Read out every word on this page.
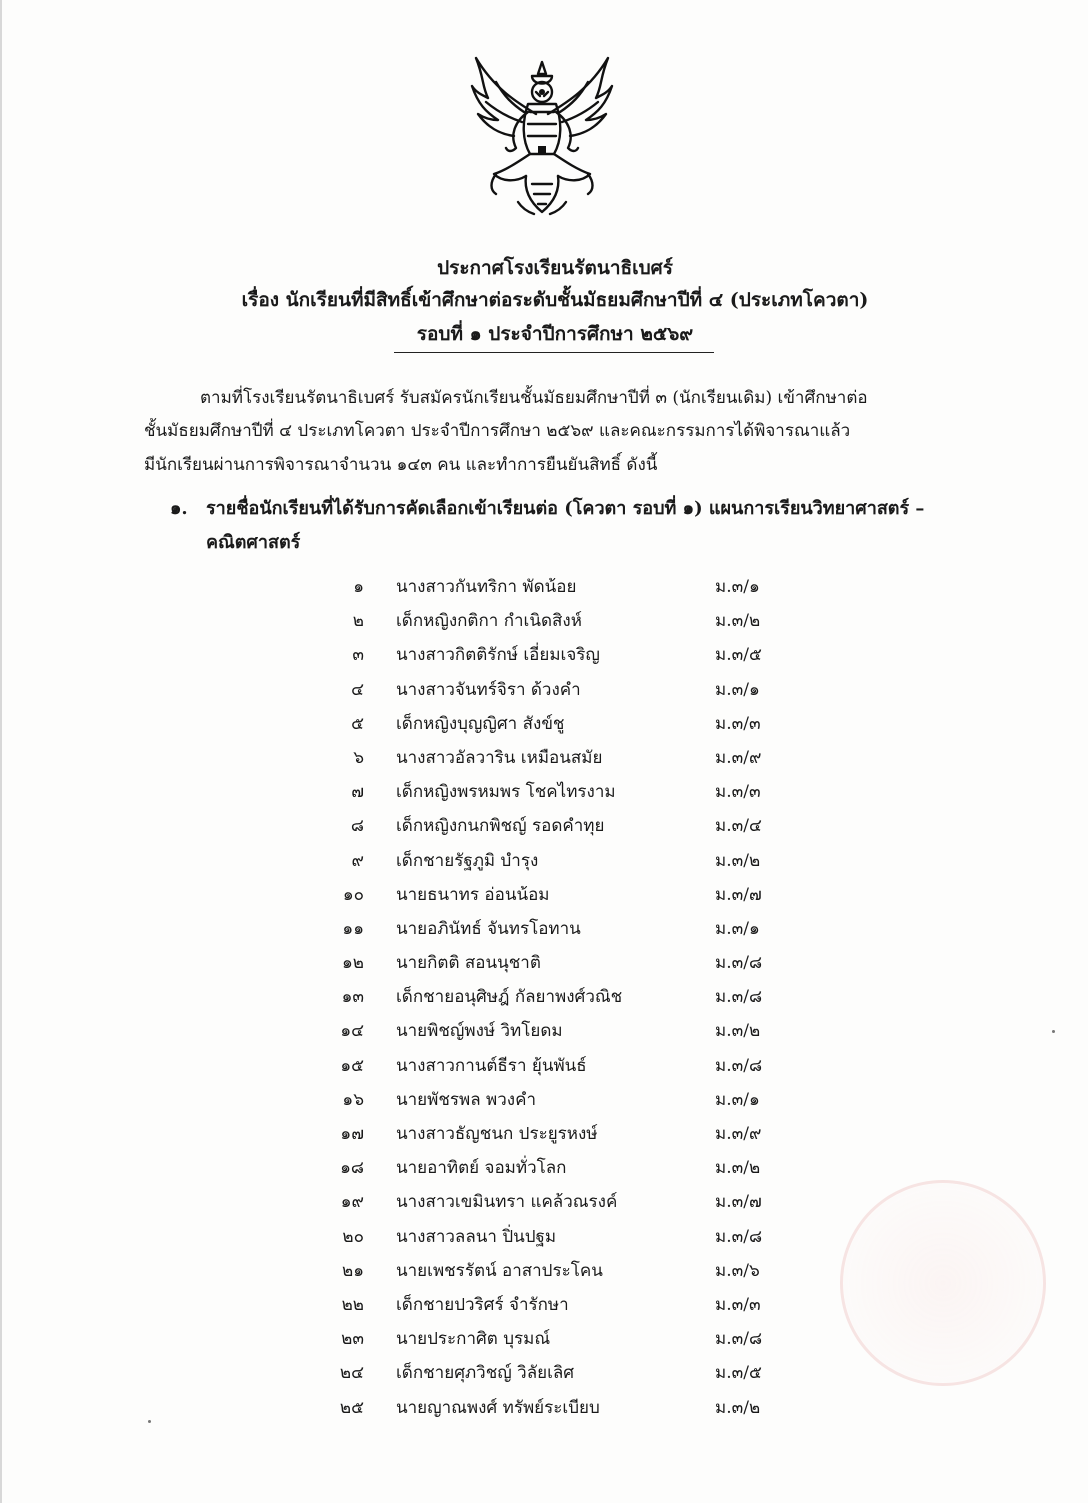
ประกาศโรงเรียนรัตนาธิเบศร์
เรื่อง นักเรียนที่มีสิทธิ์เข้าศึกษาต่อระดับชั้นมัธยมศึกษาปีที่ ๔ (ประเภทโควตา)
รอบที่ ๑ ประจำปีการศึกษา ๒๕๖๙
ตามที่โรงเรียนรัตนาธิเบศร์ รับสมัครนักเรียนชั้นมัธยมศึกษาปีที่ ๓ (นักเรียนเดิม) เข้าศึกษาต่อ
ชั้นมัธยมศึกษาปีที่ ๔ ประเภทโควตา ประจำปีการศึกษา ๒๕๖๙ และคณะกรรมการได้พิจารณาแล้ว
มีนักเรียนผ่านการพิจารณาจำนวน ๑๔๓ คน และทำการยืนยันสิทธิ์ ดังนี้
๑. รายชื่อนักเรียนที่ได้รับการคัดเลือกเข้าเรียนต่อ (โควตา รอบที่ ๑) แผนการเรียนวิทยาศาสตร์ –
คณิตศาสตร์
๑ นางสาวกันทริกา พัดน้อย	ม.๓/๑
๒ เด็กหญิงกติกา กำเนิดสิงห์	ม.๓/๒
๓ นางสาวกิตติรักษ์ เอี่ยมเจริญ	ม.๓/๕
๔ นางสาวจันทร์จิรา ด้วงคำ	ม.๓/๑
๕ เด็กหญิงบุญญิศา สังข์ชู	ม.๓/๓
๖ นางสาวอัลวาริน เหมือนสมัย	ม.๓/๙
๗ เด็กหญิงพรหมพร โชคไทรงาม	ม.๓/๓
๘ เด็กหญิงกนกพิชญ์ รอดคำทุย	ม.๓/๔
๙ เด็กชายรัฐภูมิ บำรุง	ม.๓/๒
๑๐ นายธนาทร อ่อนน้อม	ม.๓/๗
๑๑ นายอภินัทธ์ จันทรโอทาน	ม.๓/๑
๑๒ นายกิตติ สอนนุชาติ	ม.๓/๘
๑๓ เด็กชายอนุศิษฎ์ กัลยาพงศ์วณิช	ม.๓/๘
๑๔ นายพิชญ์พงษ์ วิทโยดม	ม.๓/๒
๑๕ นางสาวกานต์ธีรา ยุ้นพันธ์	ม.๓/๘
๑๖ นายพัชรพล พวงคำ	ม.๓/๑
๑๗ นางสาวธัญชนก ประยูรหงษ์	ม.๓/๙
๑๘ นายอาทิตย์ จอมทั่วโลก	ม.๓/๒
๑๙ นางสาวเขมินทรา แคล้วณรงค์	ม.๓/๗
๒๐ นางสาวลลนา ปิ่นปฐม	ม.๓/๘
๒๑ นายเพชรรัตน์ อาสาประโคน	ม.๓/๖
๒๒ เด็กชายปวริศร์ จำรักษา	ม.๓/๓
๒๓ นายประกาศิต บุรมณ์	ม.๓/๘
๒๔ เด็กชายศุภวิชญ์ วิลัยเลิศ	ม.๓/๕
๒๕ นายญาณพงศ์ ทรัพย์ระเบียบ	ม.๓/๒
